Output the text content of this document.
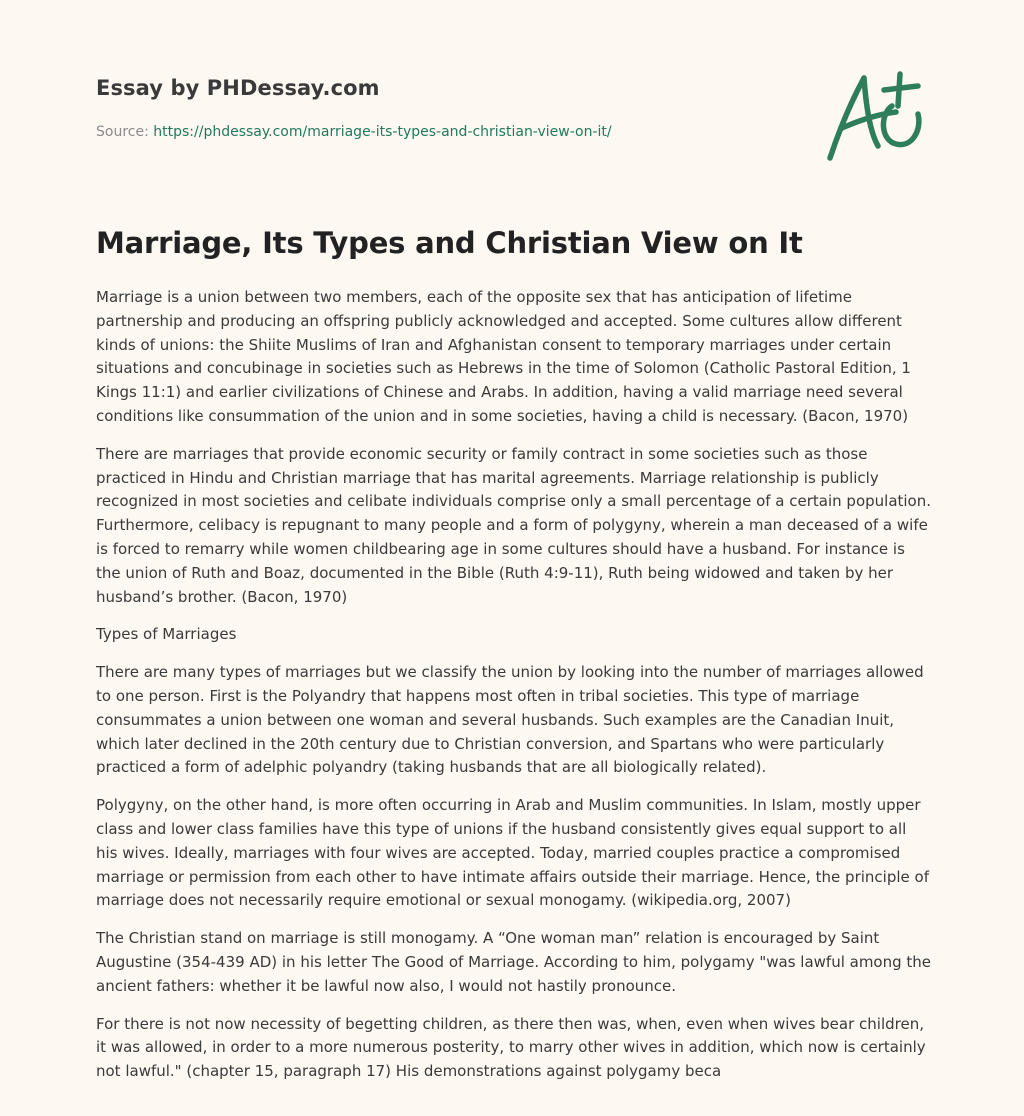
Essay by PHDessay.com
Source: https://phdessay.com/marriage-its-types-and-christian-view-on-it/
Marriage, Its Types and Christian View on It

Marriage is a union between two members, each of the opposite sex that has anticipation of lifetime partnership and producing an offspring publicly acknowledged and accepted. Some cultures allow different kinds of unions: the Shiite Muslims of Iran and Afghanistan consent to temporary marriages under certain situations and concubinage in societies such as Hebrews in the time of Solomon (Catholic Pastoral Edition, 1 Kings 11:1) and earlier civilizations of Chinese and Arabs. In addition, having a valid marriage need several conditions like consummation of the union and in some societies, having a child is necessary. (Bacon, 1970)

There are marriages that provide economic security or family contract in some societies such as those practiced in Hindu and Christian marriage that has marital agreements. Marriage relationship is publicly recognized in most societies and celibate individuals comprise only a small percentage of a certain population. Furthermore, celibacy is repugnant to many people and a form of polygyny, wherein a man deceased of a wife is forced to remarry while women childbearing age in some cultures should have a husband. For instance is the union of Ruth and Boaz, documented in the Bible (Ruth 4:9-11), Ruth being widowed and taken by her husband’s brother. (Bacon, 1970)

Types of Marriages

There are many types of marriages but we classify the union by looking into the number of marriages allowed to one person. First is the Polyandry that happens most often in tribal societies. This type of marriage consummates a union between one woman and several husbands. Such examples are the Canadian Inuit, which later declined in the 20th century due to Christian conversion, and Spartans who were particularly practiced a form of adelphic polyandry (taking husbands that are all biologically related).

Polygyny, on the other hand, is more often occurring in Arab and Muslim communities. In Islam, mostly upper class and lower class families have this type of unions if the husband consistently gives equal support to all his wives. Ideally, marriages with four wives are accepted. Today, married couples practice a compromised marriage or permission from each other to have intimate affairs outside their marriage. Hence, the principle of marriage does not necessarily require emotional or sexual monogamy. (wikipedia.org, 2007)

The Christian stand on marriage is still monogamy. A “One woman man” relation is encouraged by Saint Augustine (354-439 AD) in his letter The Good of Marriage. According to him, polygamy "was lawful among the ancient fathers: whether it be lawful now also, I would not hastily pronounce.

For there is not now necessity of begetting children, as there then was, when, even when wives bear children, it was allowed, in order to a more numerous posterity, to marry other wives in addition, which now is certainly not lawful." (chapter 15, paragraph 17) His demonstrations against polygamy beca
